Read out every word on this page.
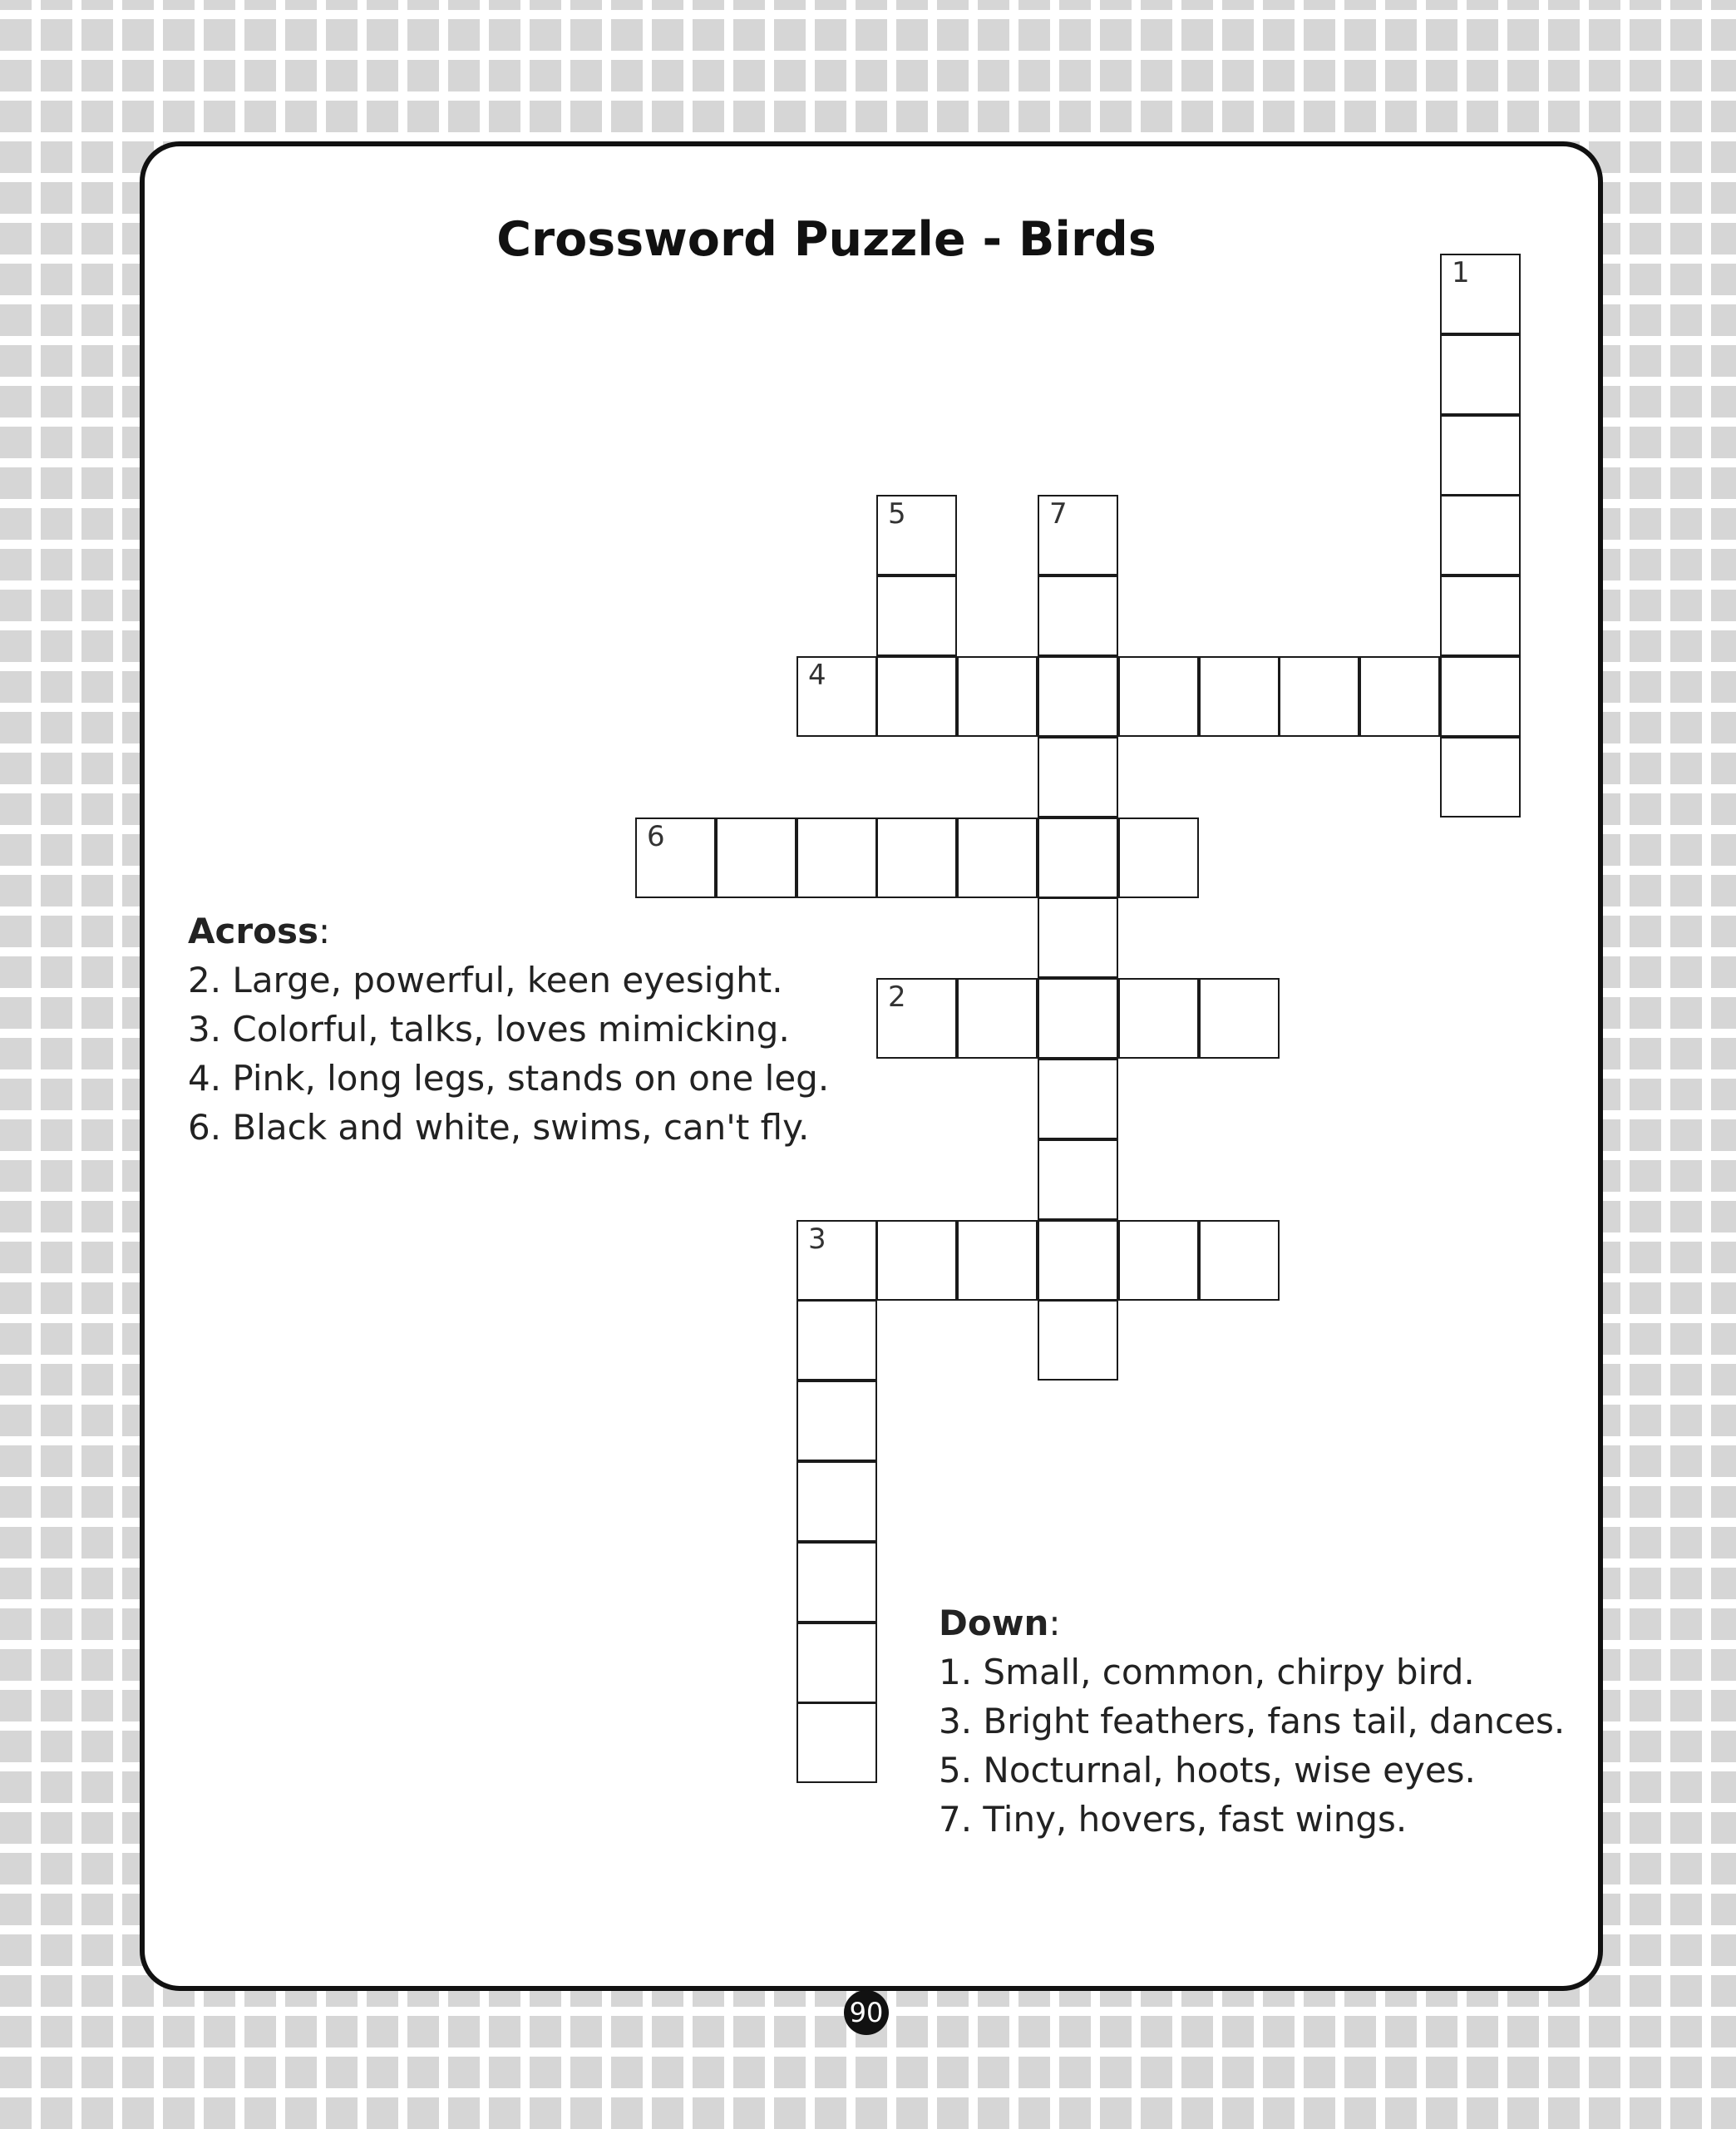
Crossword Puzzle - Birds
1
4
5	7
6
2
3
Across:
2. Large, powerful, keen eyesight.
3. Colorful, talks, loves mimicking.
4. Pink, long legs, stands on one leg.
6. Black and white, swims, can't fly.
Down:
1. Small, common, chirpy bird.
3. Bright feathers, fans tail, dances.
5. Nocturnal, hoots, wise eyes.
7. Tiny, hovers, fast wings.
90
